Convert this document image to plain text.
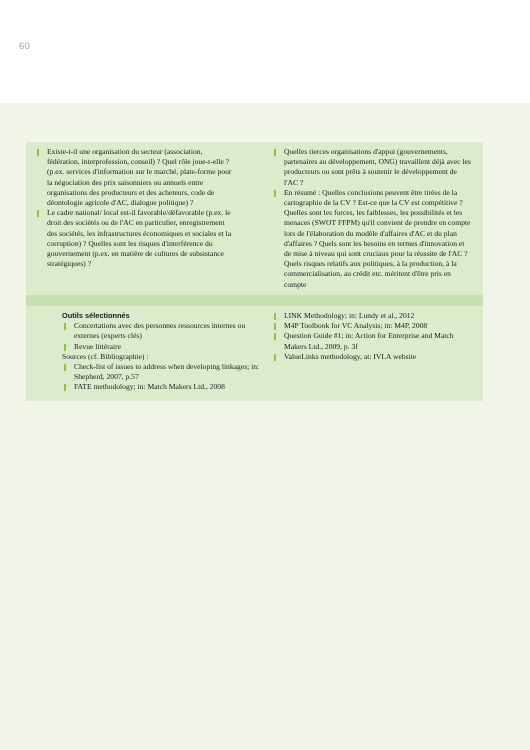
60
Existe-t-il une organisation du secteur (association, fédération, interprofession, conseil) ? Quel rôle joue-t-elle ? (p.ex. services d'information sur le marché, plate-forme pour la négociation des prix saisonniers ou annuels entre organisations des producteurs et des acheteurs, code de déontologie agricole d'AC, dialogue politique) ?
Le cadre national/ local est-il favorable/défavorable (p.ex. le droit des sociétés ou de l'AC en particulier, enregistrement des sociétés, les infrastructures économiques et sociales et la corruption) ? Quelles sont les risques d'interférence du gouvernement (p.ex. en matière de cultures de subsistance stratégiques) ?
Quelles tierces organisations d'appui (gouvernements, partenaires au développement, ONG) travaillent déjà avec les producteurs ou sont prêts à soutenir le développement de l'AC ?
En résumé : Quelles conclusions peuvent être tirées de la cartographie de la CV ? Est-ce que la CV est compétitive ? Quelles sont les forces, les faiblesses, les possibilités et les menaces (SWOT FFPM) qu'il convient de prendre en compte lors de l'élaboration du modèle d'affaires d'AC et du plan d'affaires ? Quels sont les besoins en termes d'innovation et de mise à niveau qui sont cruciaux pour la réussite de l'AC ? Quels risques relatifs aux politiques, à la production, à la commercialisation, au crédit etc. méritent d'être pris en compte
Outils sélectionnés
Concertations avec des personnes ressources internes ou externes (experts clés)
Revue littéraire
Sources (cf. Bibliographie) :
Check-list of issues to address when developing linkages; in: Shepherd, 2007, p.57
FATE methodology; in: Match Makers Ltd., 2008
LINK Methodology; in: Lundy et al., 2012
M4P Toolbook for VC Analysis; in: M4P, 2008
Question Guide #1; in: Action for Enterprise and Match Makers Ltd., 2009, p. 3f
ValueLinks methodology, at: IVLA website
